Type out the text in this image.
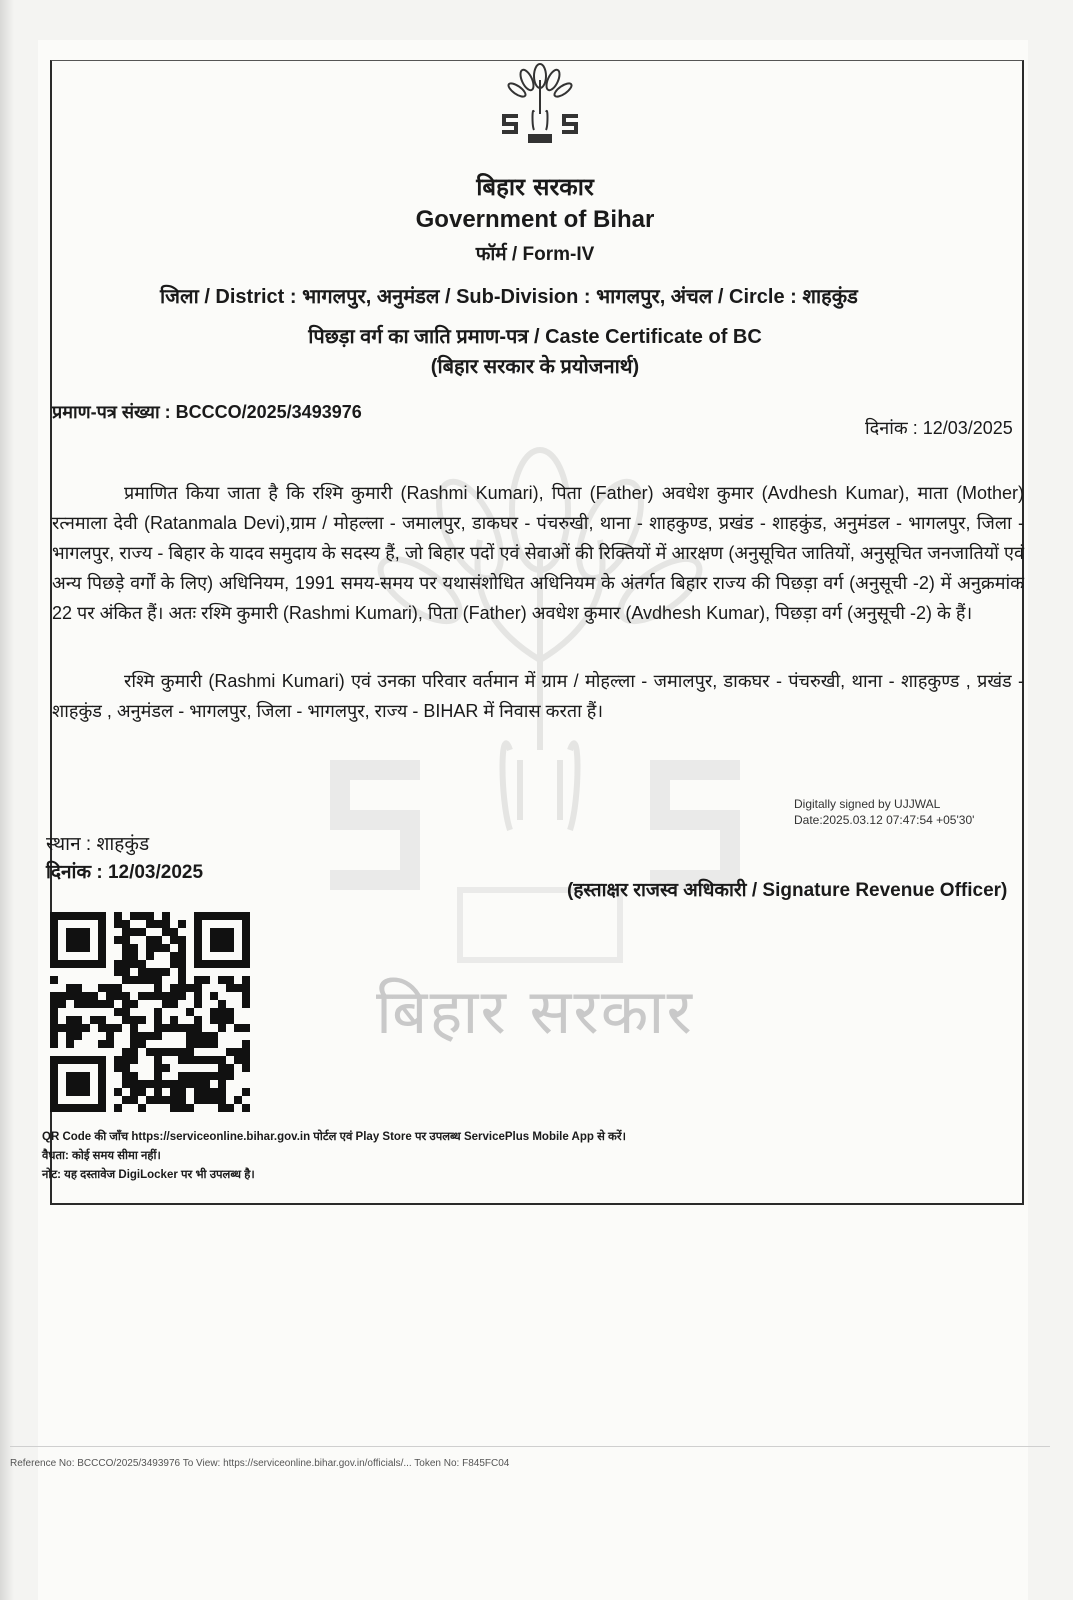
बिहार सरकार
बिहार सरकार
Government of Bihar
फॉर्म / Form-IV
जिला / District : भागलपुर, अनुमंडल / Sub-Division : भागलपुर, अंचल / Circle : शाहकुंड
पिछड़ा वर्ग का जाति प्रमाण-पत्र / Caste Certificate of BC
(बिहार सरकार के प्रयोजनार्थ)
प्रमाण-पत्र संख्या : BCCCO/2025/3493976
दिनांक : 12/03/2025
प्रमाणित किया जाता है कि रश्मि कुमारी (Rashmi Kumari), पिता (Father) अवधेश कुमार (Avdhesh Kumar), माता (Mother) रत्नमाला देवी (Ratanmala Devi),ग्राम / मोहल्ला - जमालपुर, डाकघर - पंचरुखी, थाना - शाहकुण्ड, प्रखंड - शाहकुंड, अनुमंडल - भागलपुर, जिला - भागलपुर, राज्य - बिहार के यादव समुदाय के सदस्य हैं, जो बिहार पदों एवं सेवाओं की रिक्तियों में आरक्षण (अनुसूचित जातियों, अनुसूचित जनजातियों एवं अन्य पिछड़े वर्गों के लिए) अधिनियम, 1991 समय-समय पर यथासंशोधित अधिनियम के अंतर्गत बिहार राज्य की पिछड़ा वर्ग (अनुसूची -2) में अनुक्रमांक 22 पर अंकित हैं। अतः रश्मि कुमारी (Rashmi Kumari), पिता (Father) अवधेश कुमार (Avdhesh Kumar), पिछड़ा वर्ग (अनुसूची -2) के हैं।
रश्मि कुमारी (Rashmi Kumari) एवं उनका परिवार वर्तमान में ग्राम / मोहल्ला - जमालपुर, डाकघर - पंचरुखी, थाना - शाहकुण्ड , प्रखंड - शाहकुंड , अनुमंडल - भागलपुर, जिला - भागलपुर, राज्य - BIHAR में निवास करता हैं।
Digitally signed by UJJWAL
Date:2025.03.12 07:47:54 +05'30'
स्थान : शाहकुंड
दिनांक : 12/03/2025
(हस्ताक्षर राजस्व अधिकारी / Signature Revenue Officer)
QR Code की जाँच https://serviceonline.bihar.gov.in पोर्टल एवं Play Store पर उपलब्ध ServicePlus Mobile App से करें।
वैधता: कोई समय सीमा नहीं।
नोट: यह दस्तावेज DigiLocker पर भी उपलब्ध है।
Reference No: BCCCO/2025/3493976 To View: https://serviceonline.bihar.gov.in/officials/... Token No: F845FC04
